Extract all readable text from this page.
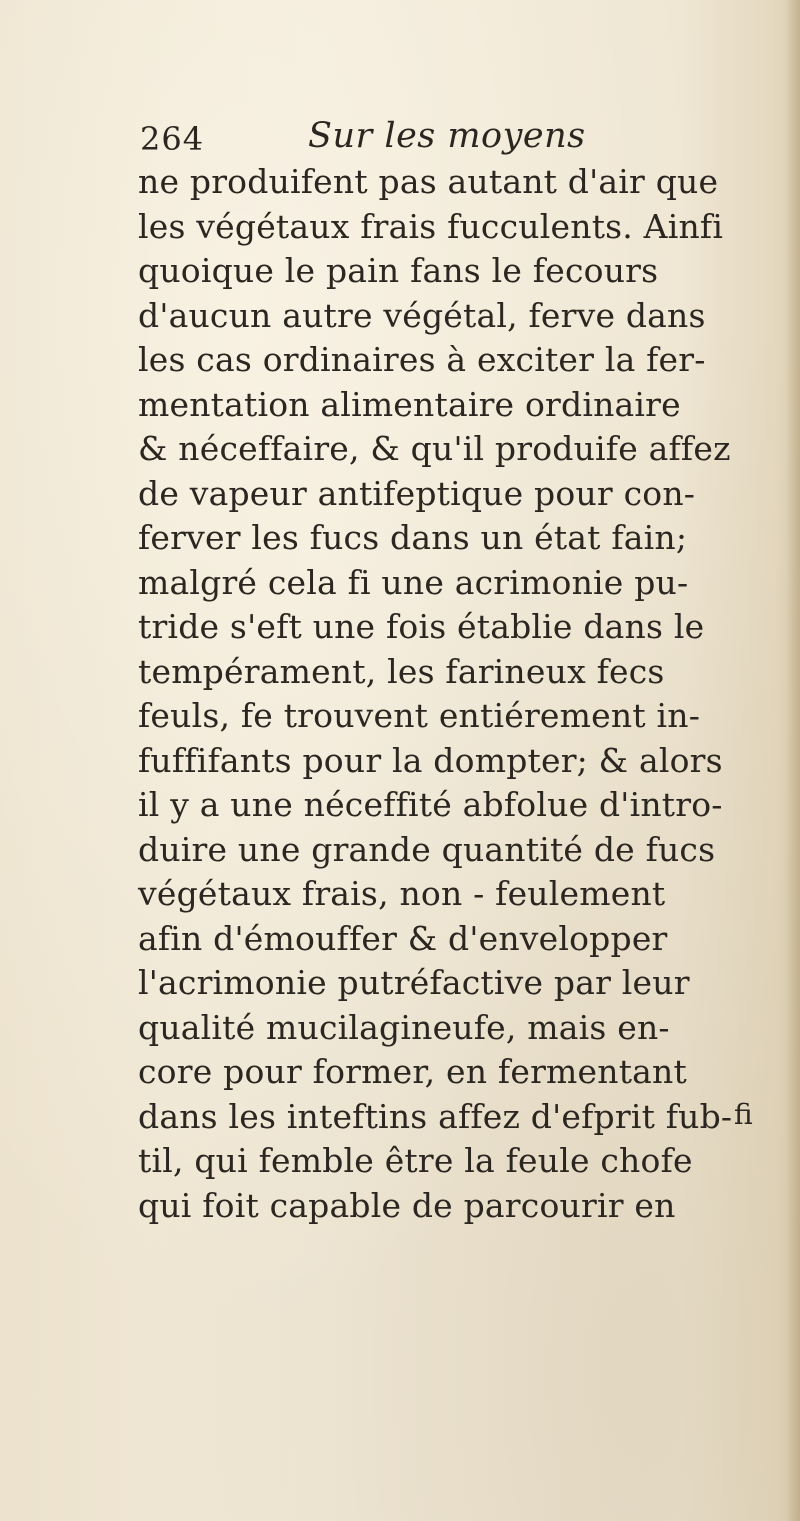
264	Sur les moyens
ne produifent pas autant d'air que
les végétaux frais fucculents. Ainfi
quoique le pain fans le fecours
d'aucun autre végétal, ferve dans
les cas ordinaires à exciter la fer-
mentation alimentaire ordinaire
& néceffaire, & qu'il produife affez
de vapeur antifeptique pour con-
ferver les fucs dans un état fain;
malgré cela fi une acrimonie pu-
tride s'eft une fois établie dans le
tempérament, les farineux fecs
feuls, fe trouvent entiérement in-
fuffifants pour la dompter; & alors
il y a une néceffité abfolue d'intro-
duire une grande quantité de fucs
végétaux frais, non - feulement
afin d'émouffer & d'envelopper
l'acrimonie putréfactive par leur
qualité mucilagineufe, mais en-
core pour former, en fermentant
dans les inteftins affez d'efprit fub-
til, qui femble être la feule chofe
qui foit capable de parcourir en
fi
